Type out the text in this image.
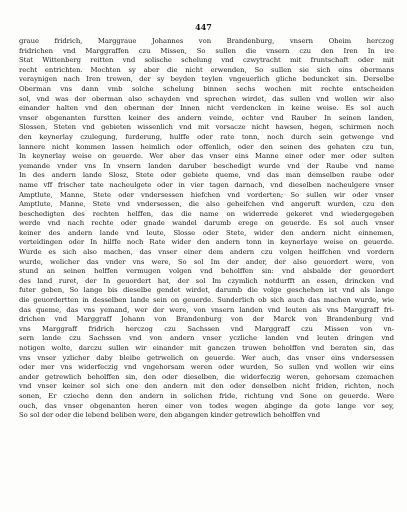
447

graue fridrich, Marggraue Johannes von Brandenburg, vnsern Oheim herczog
fridrichen vnd Marggraffen czu Missen, So sullen die vnsern czu den Iren In ire
Stat Wittenberg reitten vnd solische schelung vnd czwytracht mit fruntschaft oder mit
recht entrichten. Mochten sy aber die nicht erwenden, So sullen sie sich eins obermans
veraynigen nach Iren trewen, der sy beyden teylen vngeuerlich gliche beduncket sin. Derselbe
Oberman vns dann vmb solche schelung binnen sechs wochen mit rechte entscheiden
sol, vnd was der oberman also schayden vnd sprechen wirdet, das sullen vnd wollen wir also
einander halten vnd den oberman der Innen nicht verdencken in keine weise. Es sol auch
vnser obgenanten furstten keiner des andern veinde, echter vnd Rauber In seinen landen,
Slossen, Steten vnd gebieten wissenlich vnd mit vorsacze nicht hawsen, hegen, schirmen noch
den keynerlay czulegung, furderung, hulffe oder rate tonn, noch durch sein getwenge vnd
lannere nicht kommen lassen heimlich oder offenlich, oder den seinen des gehaten czu tun,
In keynerlay weise on geuerde. Wer aber das vnser eins Manne einer oder mer oder sulten
yemande vnder vns In vnsern landen daruber beschedigt wurde vnd der Raube vnd name
In des andern lande Slosz, Stete oder gebiete queme, vnd das man demselben raube oder
name vff frischer tate nacheulgete oder in vier tagen darnach, vnd dieselben nacheulgere vnser
Amptlute, Manne, Stete oder vndersessen hiefchen vnd vorderten; So sullen wir oder vnser
Amptlute, Manne, Stete vnd vndersessen, die also geheifchen vnd angeruft wurden, czu den
beschedigten des rechten helffen, das die name on widerrede gekeret vnd wiedergegeben
werde vnd nach rechte oder gnade wandel darumb erege on geuerde. Es sol auch vnser
keiner des andern lande vnd leute, Slosse oder Stete, wider den andern nicht einnemen,
verteidingen oder In hilffe noch Rate wider den andern tonn in keynerlaye weise on geuerde.
Wurde es sich also machen, das vnser einer dem andern czu volgen heiffchen vnd vordern
wurde, welicher das vnder vns were, So sol Im der ander, der also geuordert were, von
stund an seinen helffen vermugen volgen vnd beholffen sin: vnd alsbalde der geuordert
des land ruret, der In geuordert hat, der sol Im czymlich notdurfft an essen, drincken vnd
futer geben, So lange bis dieselbe gendet wirdet, darumb die volge geschehen ist vnd als lange
die geuordertten in desselben lande sein on geuerde. Sunderlich ob sich auch das machen wurde, wie
das queme, das vns yemand, wer der were, von vnsern landen vnd leuten als vns Marggraff fri-
drichen vnd Marggraff Johann von Brandenburg von der Marck von Brandenburg vnd
vns Marggraff fridrich herczog czu Sachssen vnd Marggraff czu Missen von vn-
sern lande czu Sachssen vnd von andern vnser yczliche landen vnd leuten dringen vnd
notigen wolte, darczu sullen wir einander mit ganczen truwen beholffen vnd beraten sin, das
vns vnser yzlicher daby bleibe getrwelich on geuerde. Wer auch, das vnser eins vndersessen
oder mer vns widerfeczig vnd vngehorsam weren oder wurden, So sullen vnd wollen wir eins
ander getrewlich beholffen sin, den oder dieselben, die widerfeczig weren, gehorsam czemachen
vnd vnser keiner sol sich one den andern mit den oder denselben nicht friden, richten, noch
sonen, Er czieche denn den andern in solichen fride, richtung vnd Sone on geuerde. Were
ouch, das vnser obgenanten heren einer von todes wegen abginge da gote lange vor sey,
So sol der oder die lebend beliben were, den abgangen kinder getrewlich beholffen vnd
